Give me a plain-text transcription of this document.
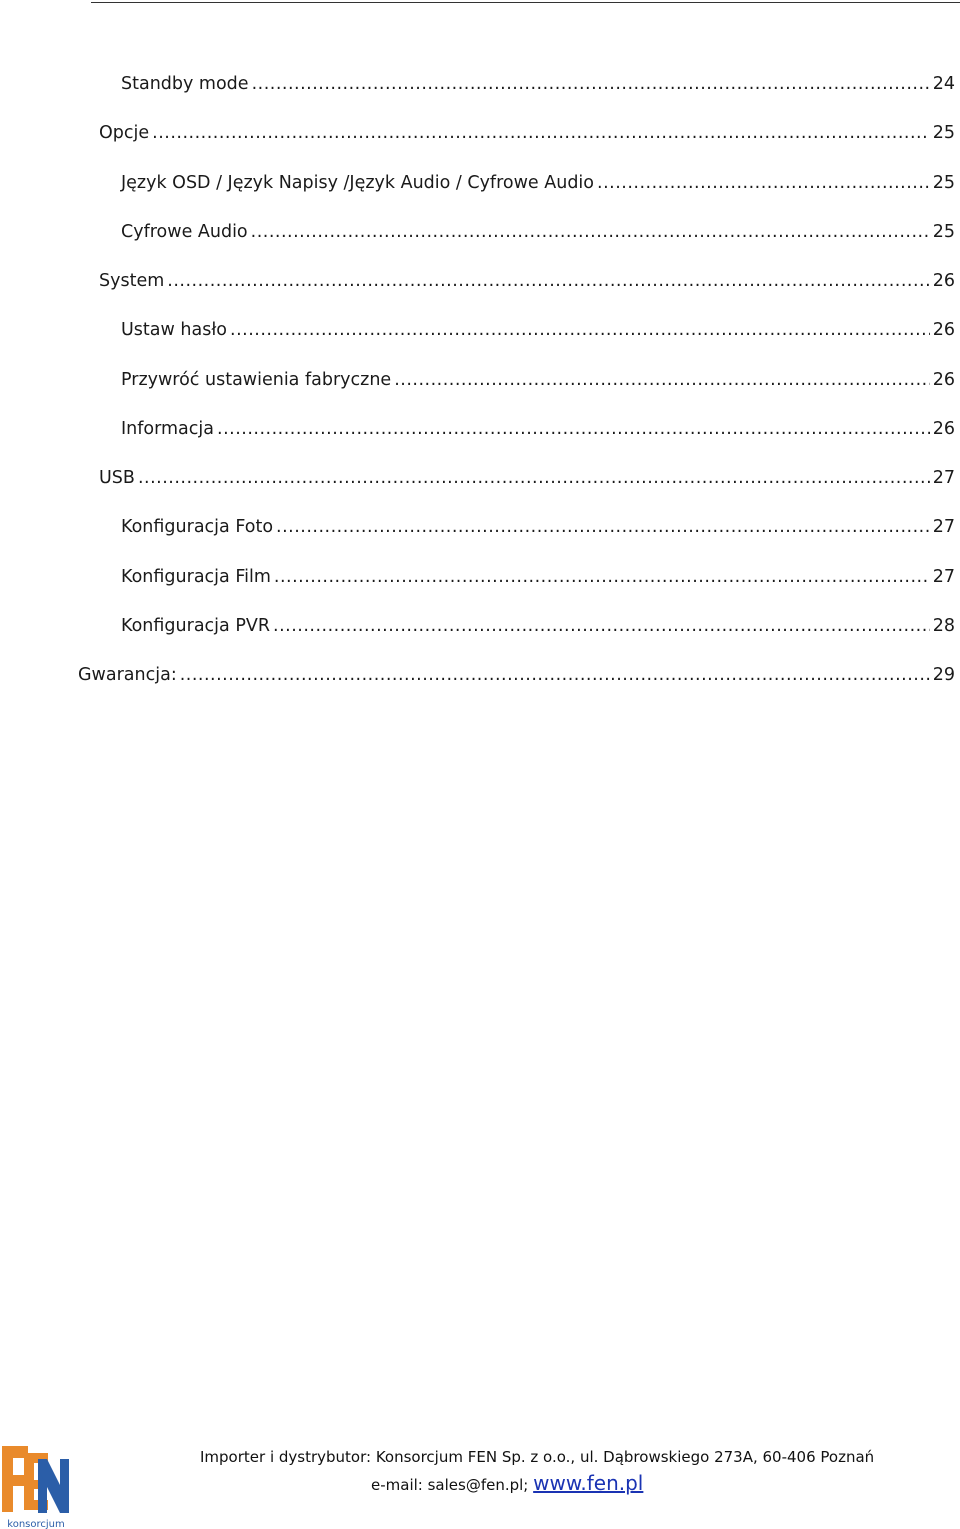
Standby mode .....	24
Opcje .....	25
Język OSD / Język Napisy /Język Audio / Cyfrowe Audio .....	25
Cyfrowe Audio .....	25
System .....	26
Ustaw hasło .....	26
Przywróć ustawienia fabryczne .....	26
Informacja .....	26
USB .....	27
Konfiguracja Foto .....	27
Konfiguracja Film .....	27
Konfiguracja PVR .....	28
Gwarancja: .....	29
konsorcjum
Importer i dystrybutor: Konsorcjum FEN Sp. z o.o., ul. Dąbrowskiego 273A, 60-406 Poznań
e-mail: sales@fen.pl; www.fen.pl
